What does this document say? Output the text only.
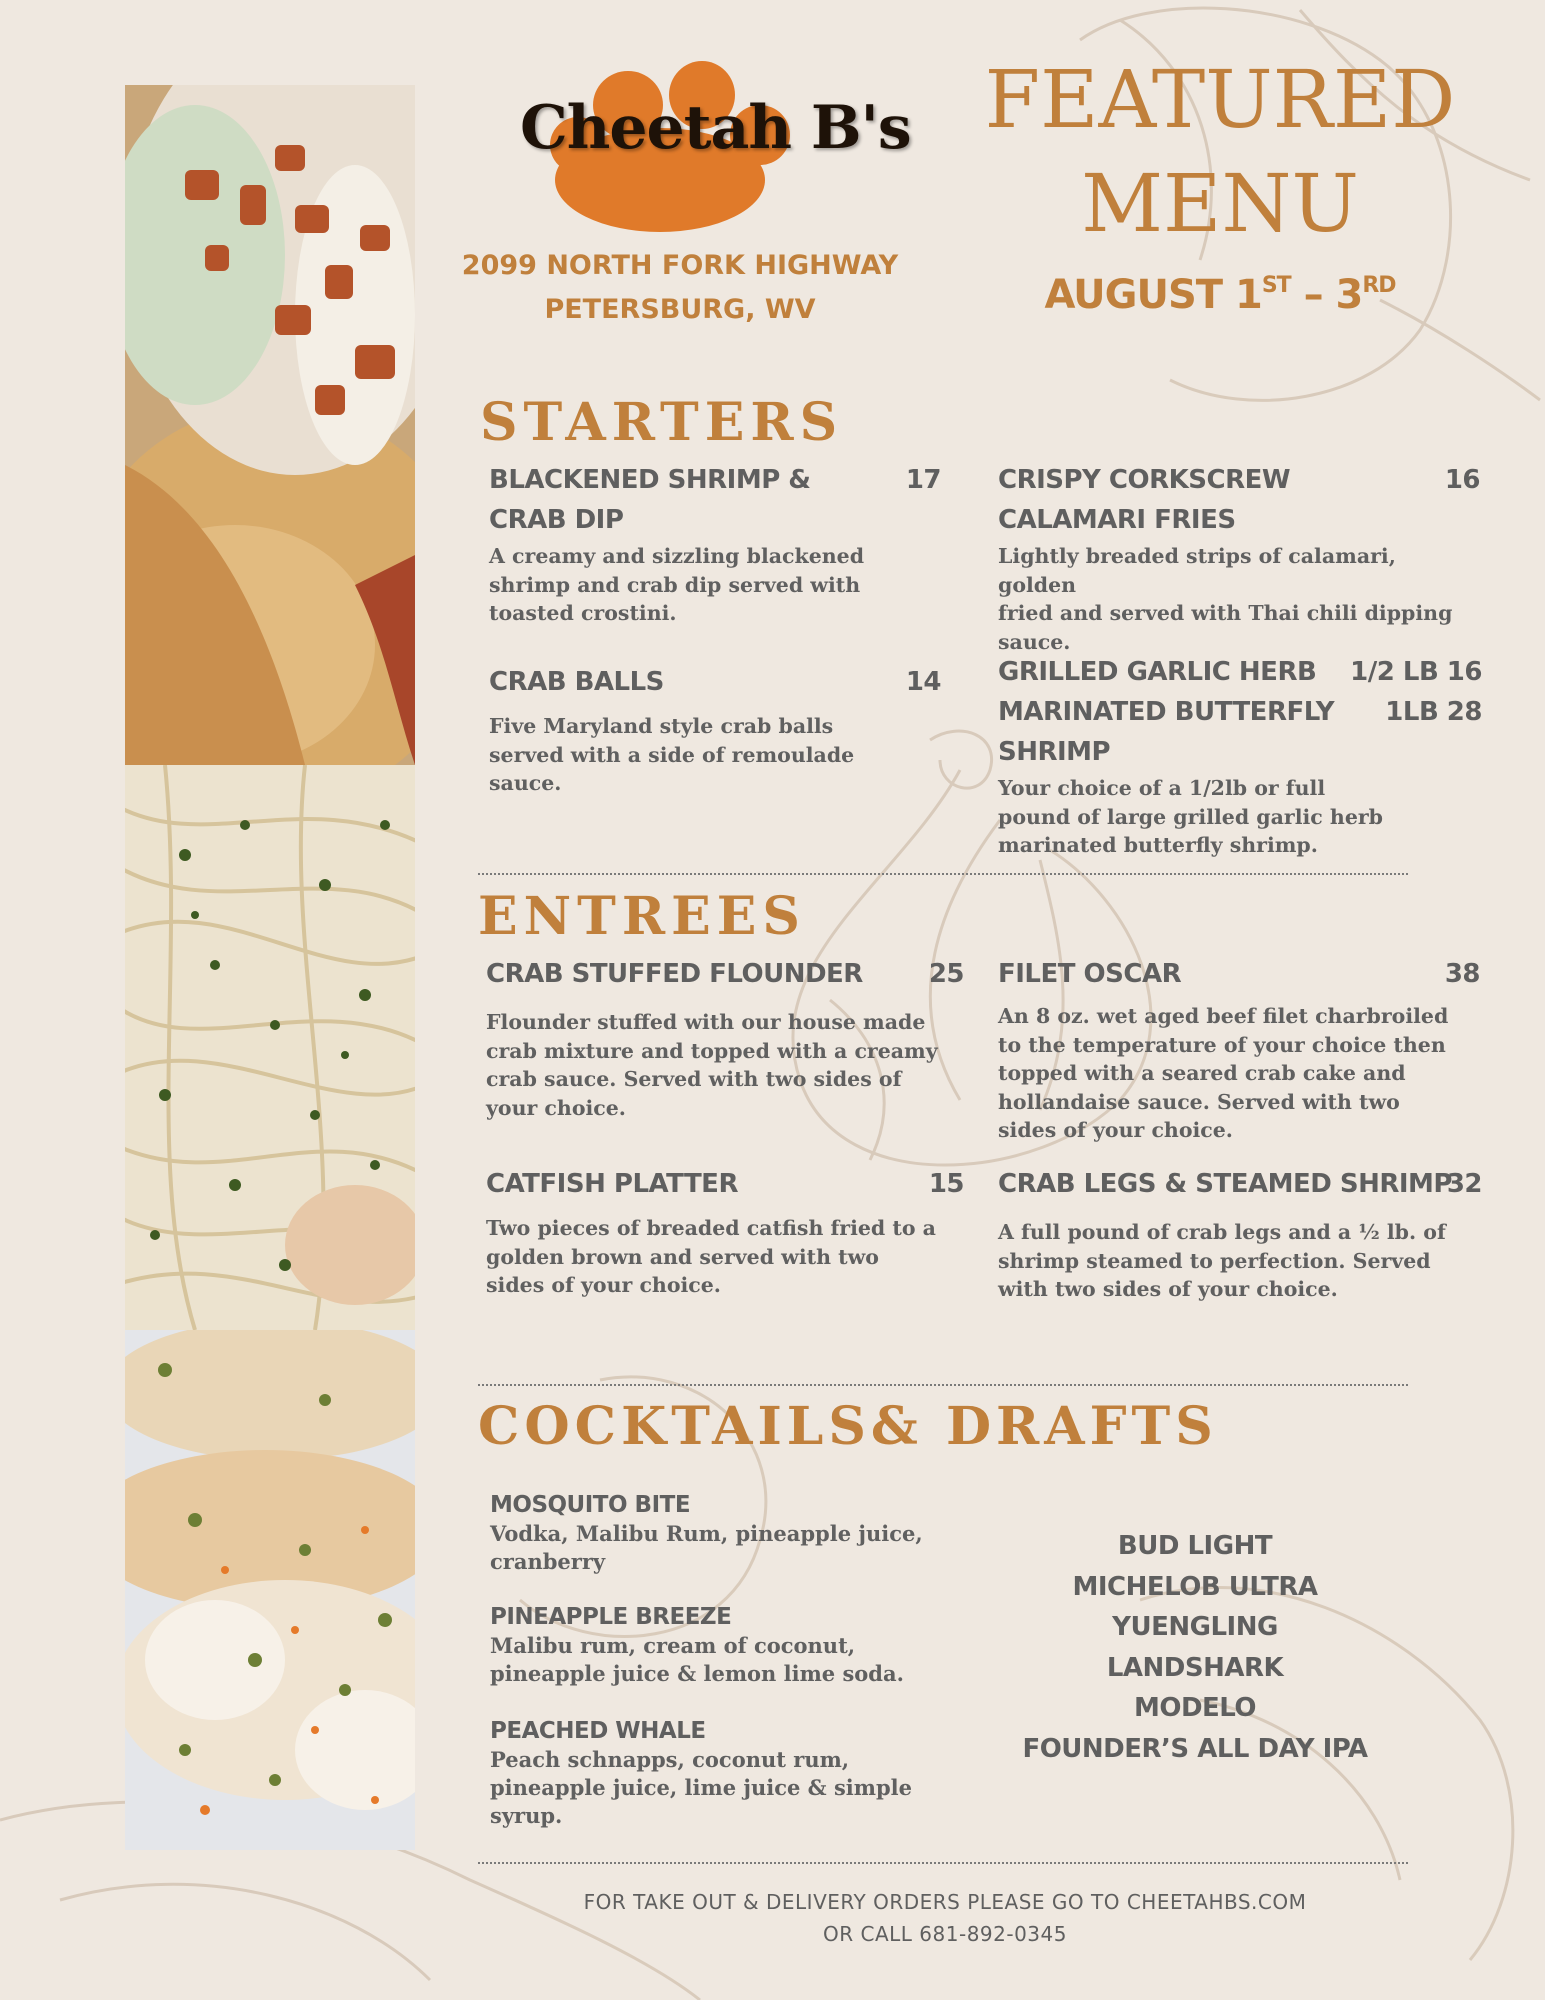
Cheetah B's
2099 NORTH FORK HIGHWAY
PETERSBURG, WV
FEATURED
MENU
AUGUST 1ST – 3RD
STARTERS
BLACKENED SHRIMP &
CRAB DIP
17
A creamy and sizzling blackened
shrimp and crab dip served with
toasted crostini.
CRISPY CORKSCREW
CALAMARI FRIES
16
Lightly breaded strips of calamari, golden
fried and served with Thai chili dipping
sauce.
CRAB BALLS	14
Five Maryland style crab balls
served with a side of remoulade
sauce.
GRILLED GARLIC HERB
MARINATED BUTTERFLY
SHRIMP
1/2 LB 16
1LB 28
Your choice of a 1/2lb or full
pound of large grilled garlic herb
marinated butterfly shrimp.
ENTREES
CRAB STUFFED FLOUNDER	25
Flounder stuffed with our house made
crab mixture and topped with a creamy
crab sauce. Served with two sides of
your choice.
FILET OSCAR	38
An 8 oz. wet aged beef filet charbroiled
to the temperature of your choice then
topped with a seared crab cake and
hollandaise sauce. Served with two
sides of your choice.
CATFISH PLATTER	15
Two pieces of breaded catfish fried to a
golden brown and served with two
sides of your choice.
CRAB LEGS & STEAMED SHRIMP
32
A full pound of crab legs and a ½ lb. of
shrimp steamed to perfection. Served
with two sides of your choice.
COCKTAILS& DRAFTS
MOSQUITO BITE
Vodka, Malibu Rum, pineapple juice,
cranberry
PINEAPPLE BREEZE
Malibu rum, cream of coconut,
pineapple juice & lemon lime soda.
PEACHED WHALE
Peach schnapps, coconut rum,
pineapple juice, lime juice & simple
syrup.
BUD LIGHT
MICHELOB ULTRA
YUENGLING
LANDSHARK
MODELO
FOUNDER’S ALL DAY IPA
FOR TAKE OUT & DELIVERY ORDERS PLEASE GO TO CHEETAHBS.COM
OR CALL 681-892-0345
